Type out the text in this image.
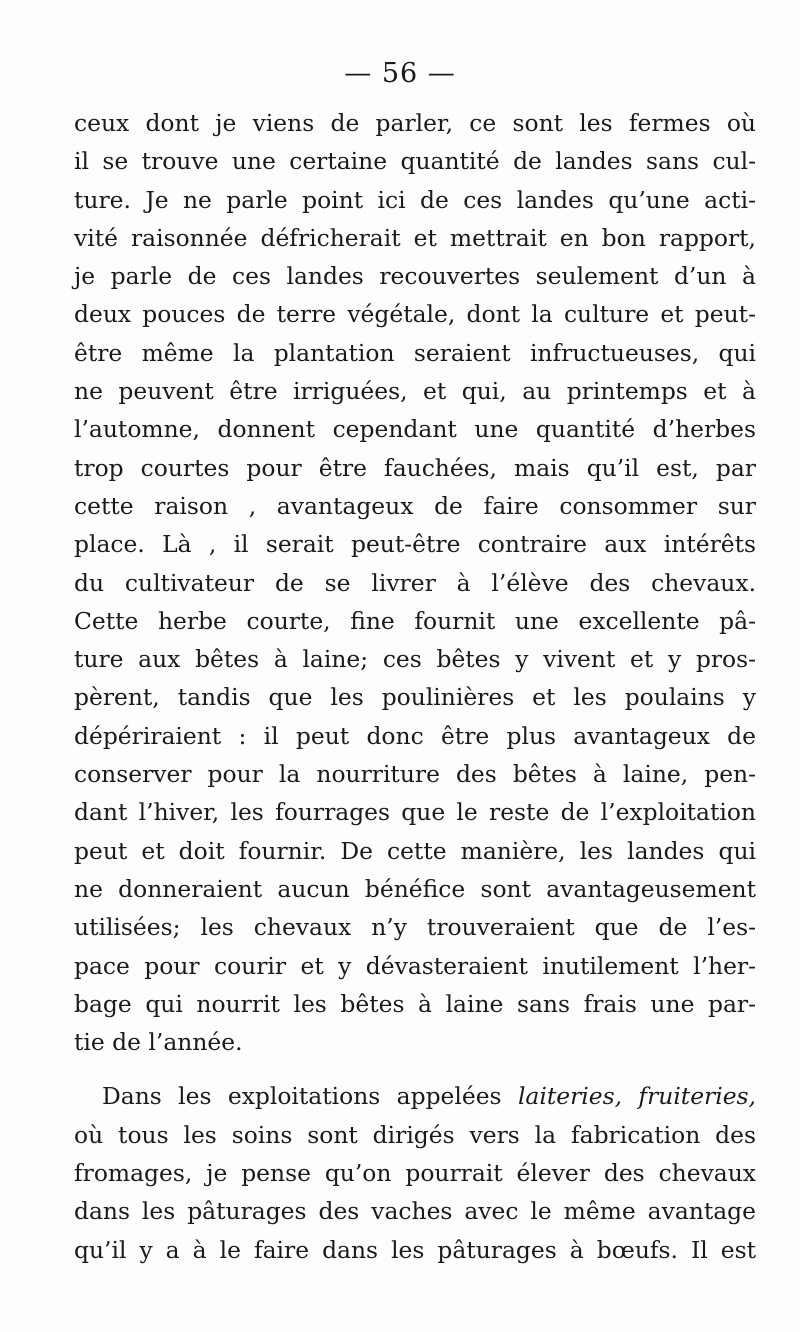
— 56 —
ceux dont je viens de parler, ce sont les fermes où
il se trouve une certaine quantité de landes sans cul-
ture. Je ne parle point ici de ces landes qu’une acti-
vité raisonnée défricherait et mettrait en bon rapport,
je parle de ces landes recouvertes seulement d’un à
deux pouces de terre végétale, dont la culture et peut-
être même la plantation seraient infructueuses, qui
ne peuvent être irriguées, et qui, au printemps et à
l’automne, donnent cependant une quantité d’herbes
trop courtes pour être fauchées, mais qu’il est, par
cette raison , avantageux de faire consommer sur
place. Là , il serait peut-être contraire aux intérêts
du cultivateur de se livrer à l’élève des chevaux.
Cette herbe courte, fine fournit une excellente pâ-
ture aux bêtes à laine; ces bêtes y vivent et y pros-
pèrent, tandis que les poulinières et les poulains y
dépériraient : il peut donc être plus avantageux de
conserver pour la nourriture des bêtes à laine, pen-
dant l’hiver, les fourrages que le reste de l’exploitation
peut et doit fournir. De cette manière, les landes qui
ne donneraient aucun bénéfice sont avantageusement
utilisées; les chevaux n’y trouveraient que de l’es-
pace pour courir et y dévasteraient inutilement l’her-
bage qui nourrit les bêtes à laine sans frais une par-
tie de l’année.
Dans les exploitations appelées laiteries, fruiteries,
où tous les soins sont dirigés vers la fabrication des
fromages, je pense qu’on pourrait élever des chevaux
dans les pâturages des vaches avec le même avantage
qu’il y a à le faire dans les pâturages à bœufs. Il est
